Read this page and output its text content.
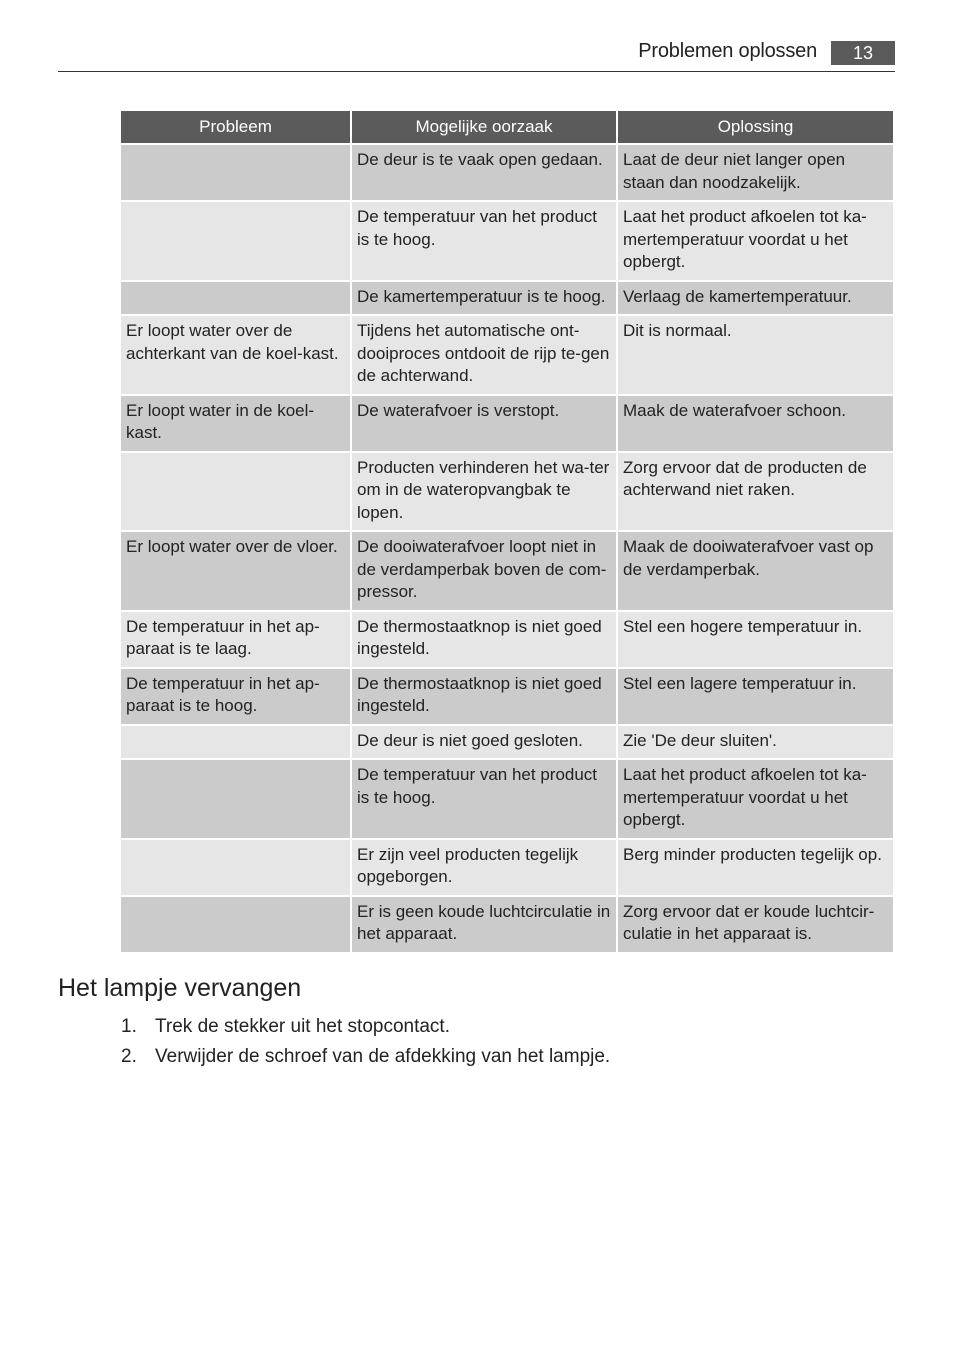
Problemen oplossen	13
Probleem	Mogelijke oorzaak	Oplossing
	De deur is te vaak open gedaan.	Laat de deur niet langer open staan dan noodzakelijk.
	De temperatuur van het product is te hoog.	Laat het product afkoelen tot ka-mertemperatuur voordat u het opbergt.
	De kamertemperatuur is te hoog.	Verlaag de kamertemperatuur.
Er loopt water over de achterkant van de koel-kast.	Tijdens het automatische ont-dooiproces ontdooit de rijp te-gen de achterwand.	Dit is normaal.
Er loopt water in de koel-kast.	De waterafvoer is verstopt.	Maak de waterafvoer schoon.
	Producten verhinderen het wa-ter om in de wateropvangbak te lopen.	Zorg ervoor dat de producten de achterwand niet raken.
Er loopt water over de vloer.	De dooiwaterafvoer loopt niet in de verdamperbak boven de com-pressor.	Maak de dooiwaterafvoer vast op de verdamperbak.
De temperatuur in het ap-paraat is te laag.	De thermostaatknop is niet goed ingesteld.	Stel een hogere temperatuur in.
De temperatuur in het ap-paraat is te hoog.	De thermostaatknop is niet goed ingesteld.	Stel een lagere temperatuur in.
	De deur is niet goed gesloten.	Zie 'De deur sluiten'.
	De temperatuur van het product is te hoog.	Laat het product afkoelen tot ka-mertemperatuur voordat u het opbergt.
	Er zijn veel producten tegelijk opgeborgen.	Berg minder producten tegelijk op.
	Er is geen koude luchtcirculatie in het apparaat.	Zorg ervoor dat er koude luchtcir-culatie in het apparaat is.
Het lampje vervangen
1. Trek de stekker uit het stopcontact.
2. Verwijder de schroef van de afdekking van het lampje.
